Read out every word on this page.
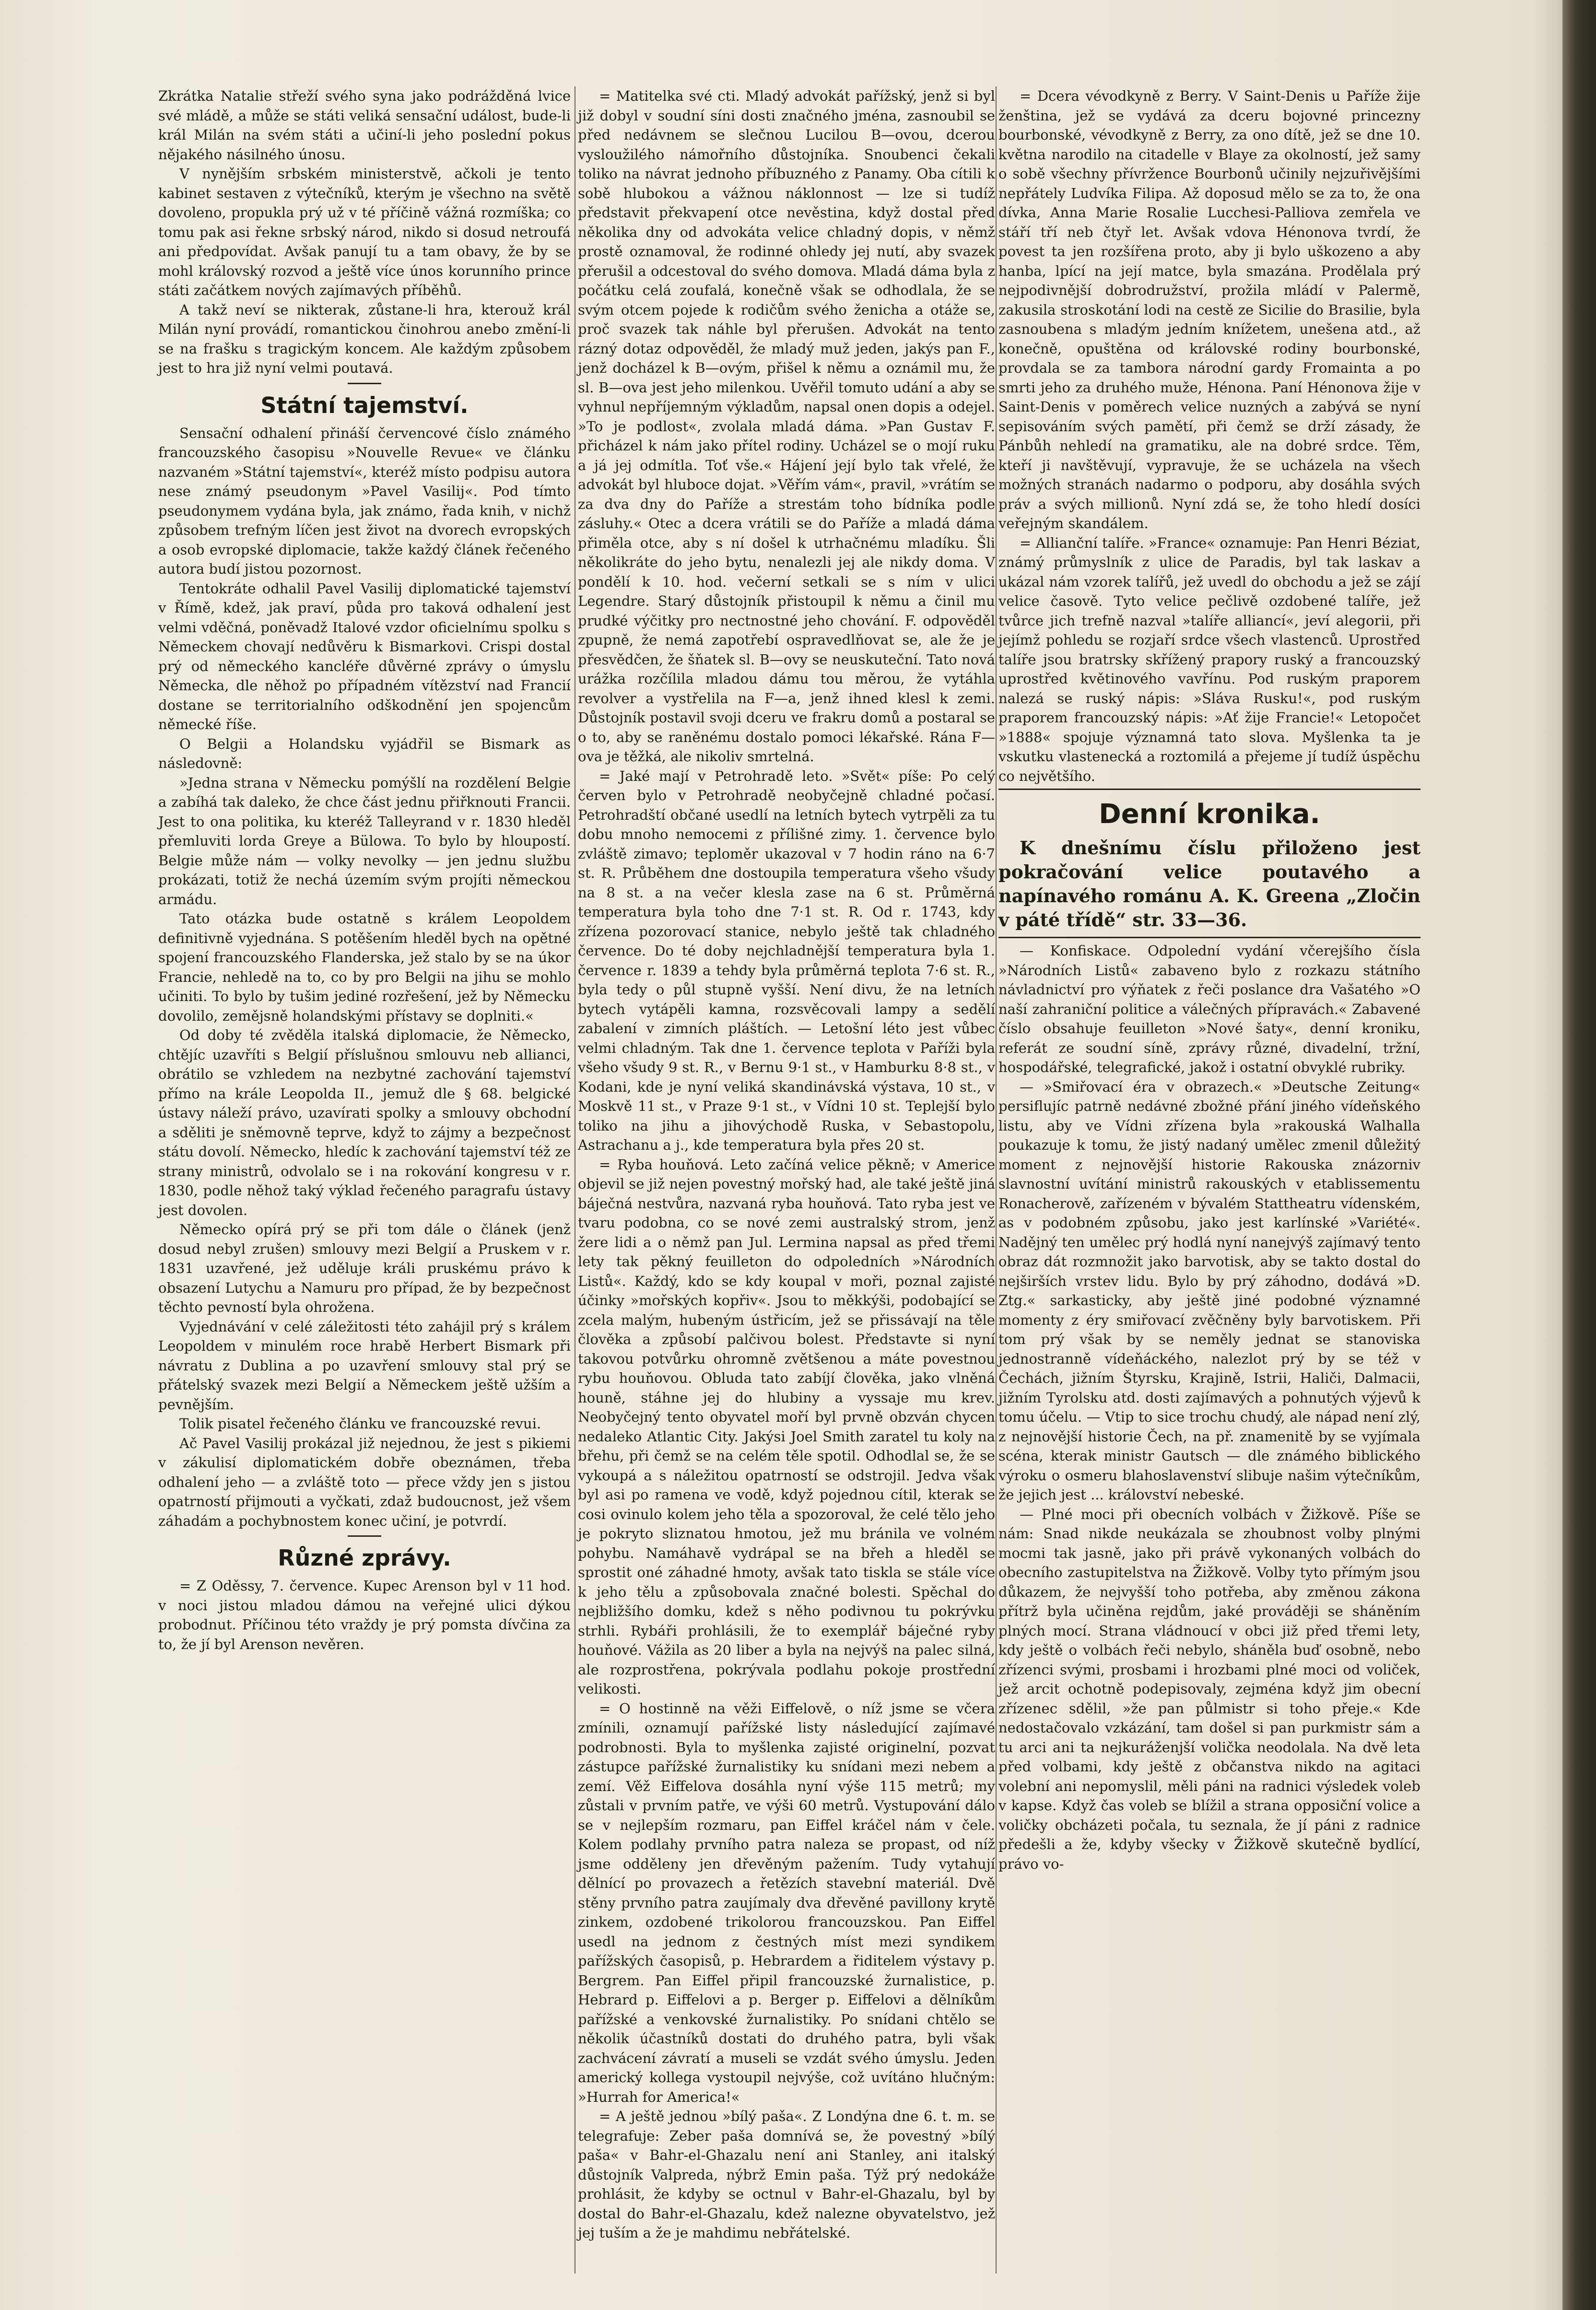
Zkrátka Natalie střeží svého syna jako podrážděná lvice své mládě, a může se státi veliká sensační událost, bude-li král Milán na svém státi a učiní-li jeho poslední pokus nějakého násilného únosu.

V nynějším srbském ministerstvě, ačkoli je tento kabinet sestaven z výtečníků, kterým je všechno na světě dovoleno, propukla prý už v té příčině vážná rozmíška; co tomu pak asi řekne srbský národ, nikdo si dosud netroufá ani předpovídat. Avšak panují tu a tam obavy, že by se mohl královský rozvod a ještě více únos korunního prince státi začátkem nových zajímavých příběhů.

A takž neví se nikterak, zůstane-li hra, kterouž král Milán nyní provádí, romantickou činohrou anebo změní-li se na frašku s tragickým koncem. Ale každým způsobem jest to hra již nyní velmi poutavá.

Státní tajemství.

Sensační odhalení přináší červencové číslo známého francouzského časopisu »Nouvelle Revue« ve článku nazvaném »Státní tajemství«, kteréž místo podpisu autora nese známý pseudonym »Pavel Vasilij«. Pod tímto pseudonymem vydána byla, jak známo, řada knih, v nichž způsobem trefným líčen jest život na dvorech evropských a osob evropské diplomacie, takže každý článek řečeného autora budí jistou pozornost.

Tentokráte odhalil Pavel Vasilij diplomatické tajemství v Římě, kdež, jak praví, půda pro taková odhalení jest velmi vděčná, poněvadž Italové vzdor oficielnímu spolku s Německem chovají nedůvěru k Bismarkovi. Crispi dostal prý od německého kancléře důvěrné zprávy o úmyslu Německa, dle něhož po případném vítězství nad Francií dostane se territorialního odškodnění jen spojencům německé říše.

O Belgii a Holandsku vyjádřil se Bismark as následovně:

»Jedna strana v Německu pomýšlí na rozdělení Belgie a zabíhá tak daleko, že chce část jednu přiřknouti Francii. Jest to ona politika, ku kteréž Talleyrand v r. 1830 hleděl přemluviti lorda Greye a Bülowa. To bylo by hloupostí. Belgie může nám — volky nevolky — jen jednu službu prokázati, totiž že nechá územím svým projíti německou armádu.

Tato otázka bude ostatně s králem Leopoldem definitivně vyjednána. S potěšením hleděl bych na opětné spojení francouzského Flanderska, jež stalo by se na úkor Francie, nehledě na to, co by pro Belgii na jihu se mohlo učiniti. To bylo by tušim jediné rozřešení, jež by Německu dovolilo, zemějsně holandskými přístavy se doplniti.«

Od doby té zvěděla italská diplomacie, že Německo, chtějíc uzavříti s Belgií příslušnou smlouvu neb allianci, obrátilo se vzhledem na nezbytné zachování tajemství přímo na krále Leopolda II., jemuž dle § 68. belgické ústavy náleží právo, uzavírati spolky a smlouvy obchodní a sděliti je sněmovně teprve, když to zájmy a bezpečnost státu dovolí. Německo, hledíc k zachování tajemství též ze strany ministrů, odvolalo se i na rokování kongresu v r. 1830, podle něhož taký výklad řečeného paragrafu ústavy jest dovolen.

Německo opírá prý se při tom dále o článek (jenž dosud nebyl zrušen) smlouvy mezi Belgií a Pruskem v r. 1831 uzavřené, jež uděluje králi pruskému právo k obsazení Lutychu a Namuru pro případ, že by bezpečnost těchto pevností byla ohrožena.

Vyjednávání v celé záležitosti této zahájil prý s králem Leopoldem v minulém roce hrabě Herbert Bismark při návratu z Dublina a po uzavření smlouvy stal prý se přátelský svazek mezi Belgií a Německem ještě užším a pevnějším.

Tolik pisatel řečeného článku ve francouzské revui.

Ač Pavel Vasilij prokázal již nejednou, že jest s pikiemi v zákulisí diplomatickém dobře obeznámen, třeba odhalení jeho — a zvláště toto — přece vždy jen s jistou opatrností přijmouti a vyčkati, zdaž budoucnost, jež všem záhadám a pochybnostem konec učiní, je potvrdí.

Různé zprávy.

= Z Oděssy, 7. července. Kupec Arenson byl v 11 hod. v noci jistou mladou dámou na veřejné ulici dýkou probodnut. Příčinou této vraždy je prý pomsta dívčina za to, že jí byl Arenson nevěren.

= Matitelka své cti. Mladý advokát pařížský, jenž si byl již dobyl v soudní síni dosti značného jména, zasnoubil se před nedávnem se slečnou Lucilou B—ovou, dcerou vysloužilého námořního důstojníka. Snoubenci čekali toliko na návrat jednoho příbuzného z Panamy. Oba cítili k sobě hlubokou a vážnou náklonnost — lze si tudíž představit překvapení otce nevěstina, když dostal před několika dny od advokáta velice chladný dopis, v němž prostě oznamoval, že rodinné ohledy jej nutí, aby svazek přerušil a odcestoval do svého domova. Mladá dáma byla z počátku celá zoufalá, konečně však se odhodlala, že se svým otcem pojede k rodičům svého ženicha a otáže se, proč svazek tak náhle byl přerušen. Advokát na tento rázný dotaz odpověděl, že mladý muž jeden, jakýs pan F., jenž docházel k B—ovým, přišel k němu a oznámil mu, že sl. B—ova jest jeho milenkou. Uvěřil tomuto udání a aby se vyhnul nepříjemným výkladům, napsal onen dopis a odejel. »To je podlost«, zvolala mladá dáma. »Pan Gustav F. přicházel k nám jako přítel rodiny. Ucházel se o mojí ruku a já jej odmítla. Toť vše.« Hájení její bylo tak vřelé, že advokát byl hluboce dojat. »Věřím vám«, pravil, »vrátím se za dva dny do Paříže a strestám toho bídníka podle zásluhy.« Otec a dcera vrátili se do Paříže a mladá dáma přiměla otce, aby s ní došel k utrhačnému mladíku. Šli několikráte do jeho bytu, nenalezli jej ale nikdy doma. V pondělí k 10. hod. večerní setkali se s ním v ulici Legendre. Starý důstojník přistoupil k němu a činil mu prudké výčitky pro nectnostné jeho chování. F. odpověděl zpupně, že nemá zapotřebí ospravedlňovat se, ale že je přesvědčen, že šňatek sl. B—ovy se neuskuteční. Tato nová urážka rozčílila mladou dámu tou měrou, že vytáhla revolver a vystřelila na F—a, jenž ihned klesl k zemi. Důstojník postavil svoji dceru ve frakru domů a postaral se o to, aby se raněnému dostalo pomoci lékařské. Rána F—ova je těžká, ale nikoliv smrtelná.

= Jaké mají v Petrohradě leto. »Svět« píše: Po celý červen bylo v Petrohradě neobyčejně chladné počasí. Petrohradští občané usedlí na letních bytech vytrpěli za tu dobu mnoho nemocemi z přílišné zimy. 1. července bylo zvláště zimavo; teploměr ukazoval v 7 hodin ráno na 6·7 st. R. Průběhem dne dostoupila temperatura všeho všudy na 8 st. a na večer klesla zase na 6 st. Průměrná temperatura byla toho dne 7·1 st. R. Od r. 1743, kdy zřízena pozorovací stanice, nebylo ještě tak chladného července. Do té doby nejchladnější temperatura byla 1. července r. 1839 a tehdy byla průměrná teplota 7·6 st. R., byla tedy o půl stupně vyšší. Není divu, že na letních bytech vytápěli kamna, rozsvěcovali lampy a sedělí zabalení v zimních pláštích. — Letošní léto jest vůbec velmi chladným. Tak dne 1. července teplota v Paříži byla všeho všudy 9 st. R., v Bernu 9·1 st., v Hamburku 8·8 st., v Kodani, kde je nyní veliká skandinávská výstava, 10 st., v Moskvě 11 st., v Praze 9·1 st., v Vídni 10 st. Teplejší bylo toliko na jihu a jihovýchodě Ruska, v Sebastopolu, Astrachanu a j., kde temperatura byla přes 20 st.

= Ryba houňová. Leto začíná velice pěkně; v Americe objevil se již nejen povestný mořský had, ale také ještě jiná báječná nestvůra, nazvaná ryba houňová. Tato ryba jest ve tvaru podobna, co se nové zemi australský strom, jenž žere lidi a o němž pan Jul. Lermina napsal as před třemi lety tak pěkný feuilleton do odpoledních »Národních Listů«. Každý, kdo se kdy koupal v moři, poznal zajisté účinky »mořských kopřiv«. Jsou to měkkýši, podobající se zcela malým, hubeným ústřicím, jež se přissávají na těle člověka a způsobí palčivou bolest. Představte si nyní takovou potvůrku ohromně zvětšenou a máte povestnou rybu houňovou. Obluda tato zabíjí člověka, jako vlněná houně, stáhne jej do hlubiny a vyssaje mu krev. Neobyčejný tento obyvatel moří byl prvně obzván chycen nedaleko Atlantic City. Jakýsi Joel Smith zaratel tu koly na břehu, při čemž se na celém těle spotil. Odhodlal se, že se vykoupá a s náležitou opatrností se odstrojil. Jedva však byl asi po ramena ve vodě, když pojednou cítil, kterak se cosi ovinulo kolem jeho těla a spozoroval, že celé tělo jeho je pokryto sliznatou hmotou, jež mu bránila ve volném pohybu. Namáhavě vydrápal se na břeh a hleděl se sprostit oné záhadné hmoty, avšak tato tiskla se stále více k jeho tělu a způsobovala značné bolesti. Spěchal do nejbližšího domku, kdež s něho podivnou tu pokrývku strhli. Rybáři prohlásili, že to exemplář báječné ryby houňové. Vážila as 20 liber a byla na nejvýš na palec silná, ale rozprostřena, pokrývala podlahu pokoje prostřední velikosti.

= O hostinně na věži Eiffelově, o níž jsme se včera zmínili, oznamují pařížské listy následující zajímavé podrobnosti. Byla to myšlenka zajisté originelní, pozvat zástupce pařížské žurnalistiky ku snídani mezi nebem a zemí. Věž Eiffelova dosáhla nyní výše 115 metrů; my zůstali v prvním patře, ve výši 60 metrů. Vystupování dálo se v nejlepším rozmaru, pan Eiffel kráčel nám v čele. Kolem podlahy prvního patra naleza se propast, od níž jsme odděleny jen dřevěným pažením. Tudy vytahují dělnící po provazech a řetězích stavební materiál. Dvě stěny prvního patra zaujímaly dva dřevěné pavillony krytě zinkem, ozdobené trikolorou francouzskou. Pan Eiffel usedl na jednom z čestných míst mezi syndikem pařížských časopisů, p. Hebrardem a řiditelem výstavy p. Bergrem. Pan Eiffel připil francouzské žurnalistice, p. Hebrard p. Eiffelovi a p. Berger p. Eiffelovi a dělníkům pařížské a venkovské žurnalistiky. Po snídani chtělo se několik účastníků dostati do druhého patra, byli však zachvácení závratí a museli se vzdát svého úmyslu. Jeden americký kollega vystoupil nejvýše, což uvítáno hlučným: »Hurrah for America!«

= A ještě jednou »bílý paša«. Z Londýna dne 6. t. m. se telegrafuje: Zeber paša domnívá se, že povestný »bílý paša« v Bahr-el-Ghazalu není ani Stanley, ani italský důstojník Valpreda, nýbrž Emin paša. Týž prý nedokáže prohlásit, že kdyby se octnul v Bahr-el-Ghazalu, byl by dostal do Bahr-el-Ghazalu, kdež nalezne obyvatelstvo, jež jej tuším a že je mahdimu nebřátelské.

= Dcera vévodkyně z Berry. V Saint-Denis u Paříže žije ženština, jež se vydává za dceru bojovné princezny bourbonské, vévodkyně z Berry, za ono dítě, jež se dne 10. května narodilo na citadelle v Blaye za okolností, jež samy o sobě všechny přívržence Bourbonů učinily nejzuřivějšími nepřátely Ludvíka Filipa. Až doposud mělo se za to, že ona dívka, Anna Marie Rosalie Lucchesi-Palliova zemřela ve stáří tří neb čtyř let. Avšak vdova Hénonova tvrdí, že povest ta jen rozšířena proto, aby ji bylo uškozeno a aby hanba, lpící na její matce, byla smazána. Prodělala prý nejpodivnější dobrodružství, prožila mládí v Palermě, zakusila stroskotání lodi na cestě ze Sicilie do Brasilie, byla zasnoubena s mladým jedním knížetem, unešena atd., až konečně, opuštěna od královské rodiny bourbonské, provdala se za tambora národní gardy Fromainta a po smrti jeho za druhého muže, Hénona. Paní Hénonova žije v Saint-Denis v poměrech velice nuzných a zabývá se nyní sepisováním svých pamětí, při čemž se drží zásady, že Pánbůh nehledí na gramatiku, ale na dobré srdce. Těm, kteří ji navštěvují, vypravuje, že se ucházela na všech možných stranách nadarmo o podporu, aby dosáhla svých práv a svých millionů. Nyní zdá se, že toho hledí dosíci veřejným skandálem.

= Allianční talíře. »France« oznamuje: Pan Henri Béziat, známý průmyslník z ulice de Paradis, byl tak laskav a ukázal nám vzorek talířů, jež uvedl do obchodu a jež se zájí velice časově. Tyto velice pečlivě ozdobené talíře, jež tvůrce jich trefně nazval »talíře alliancí«, jeví alegorii, při jejímž pohledu se rozjaří srdce všech vlastenců. Uprostřed talíře jsou bratrsky skřížený prapory ruský a francouzský uprostřed květinového vavřínu. Pod ruským praporem nalezá se ruský nápis: »Sláva Rusku!«, pod ruským praporem francouzský nápis: »Ať žije Francie!« Letopočet »1888« spojuje významná tato slova. Myšlenka ta je vskutku vlastenecká a roztomilá a přejeme jí tudíž úspěchu co největšího.

Denní kronika.

K dnešnímu číslu přiloženo jest pokračování velice poutavého a napínavého románu A. K. Greena „Zločin v páté třídě“ str. 33—36.

— Konfiskace. Odpolední vydání včerejšího čísla »Národních Listů« zabaveno bylo z rozkazu státního návladnictví pro výňatek z řeči poslance dra Vašatého »O naší zahraniční politice a válečných přípravách.« Zabavené číslo obsahuje feuilleton »Nové šaty«, denní kroniku, referát ze soudní síně, zprávy různé, divadelní, tržní, hospodářské, telegrafické, jakož i ostatní obvyklé rubriky.

— »Smiřovací éra v obrazech.« »Deutsche Zeitung« persiflujíc patrně nedávné zbožné přání jiného vídeňského listu, aby ve Vídni zřízena byla »rakouská Walhalla poukazuje k tomu, že jistý nadaný umělec zmenil důležitý moment z nejnovější historie Rakouska znázorniv slavnostní uvítání ministrů rakouských v etablissementu Ronacherově, zařízeném v bývalém Stattheatru vídenském, as v podobném způsobu, jako jest karlínské »Variété«. Nadějný ten umělec prý hodlá nyní nanejvýš zajímavý tento obraz dát rozmnožit jako barvotisk, aby se takto dostal do nejširších vrstev lidu. Bylo by prý záhodno, dodává »D. Ztg.« sarkasticky, aby ještě jiné podobné významné momenty z éry smiřovací zvěčněny byly barvotiskem. Při tom prý však by se neměly jednat se stanoviska jednostranně vídeňáckého, nalezlot prý by se též v Čechách, jižním Štyrsku, Krajině, Istrii, Haliči, Dalmacii, jižním Tyrolsku atd. dosti zajímavých a pohnutých výjevů k tomu účelu. — Vtip to sice trochu chudý, ale nápad není zlý, z nejnovější historie Čech, na př. znamenitě by se vyjímala scéna, kterak ministr Gautsch — dle známého biblického výroku o osmeru blahoslavenství slibuje našim výtečníkům, že jejich jest ... království nebeské.

— Plné moci při obecních volbách v Žižkově. Píše se nám: Snad nikde neukázala se zhoubnost volby plnými mocmi tak jasně, jako při právě vykonaných volbách do obecního zastupitelstva na Žižkově. Volby tyto přímým jsou důkazem, že nejvyšší toho potřeba, aby změnou zákona přítrž byla učiněna rejdům, jaké prováději se sháněním plných mocí. Strana vládnoucí v obci již před třemi lety, kdy ještě o volbách řeči nebylo, sháněla buď osobně, nebo zřízenci svými, prosbami i hrozbami plné moci od voliček, jež arcit ochotně podepisovaly, zejména když jim obecní zřízenec sdělil, »že pan půlmistr si toho přeje.« Kde nedostačovalo vzkázání, tam došel si pan purkmistr sám a tu arci ani ta nejkuráženjší volička neodolala. Na dvě leta před volbami, kdy ještě z občanstva nikdo na agitaci volební ani nepomyslil, měli páni na radnici výsledek voleb v kapse. Když čas voleb se blížil a strana opposiční volice a voličky obcházeti počala, tu seznala, že jí páni z radnice předešli a že, kdyby všecky v Žižkově skutečně bydlící, právo vo-
